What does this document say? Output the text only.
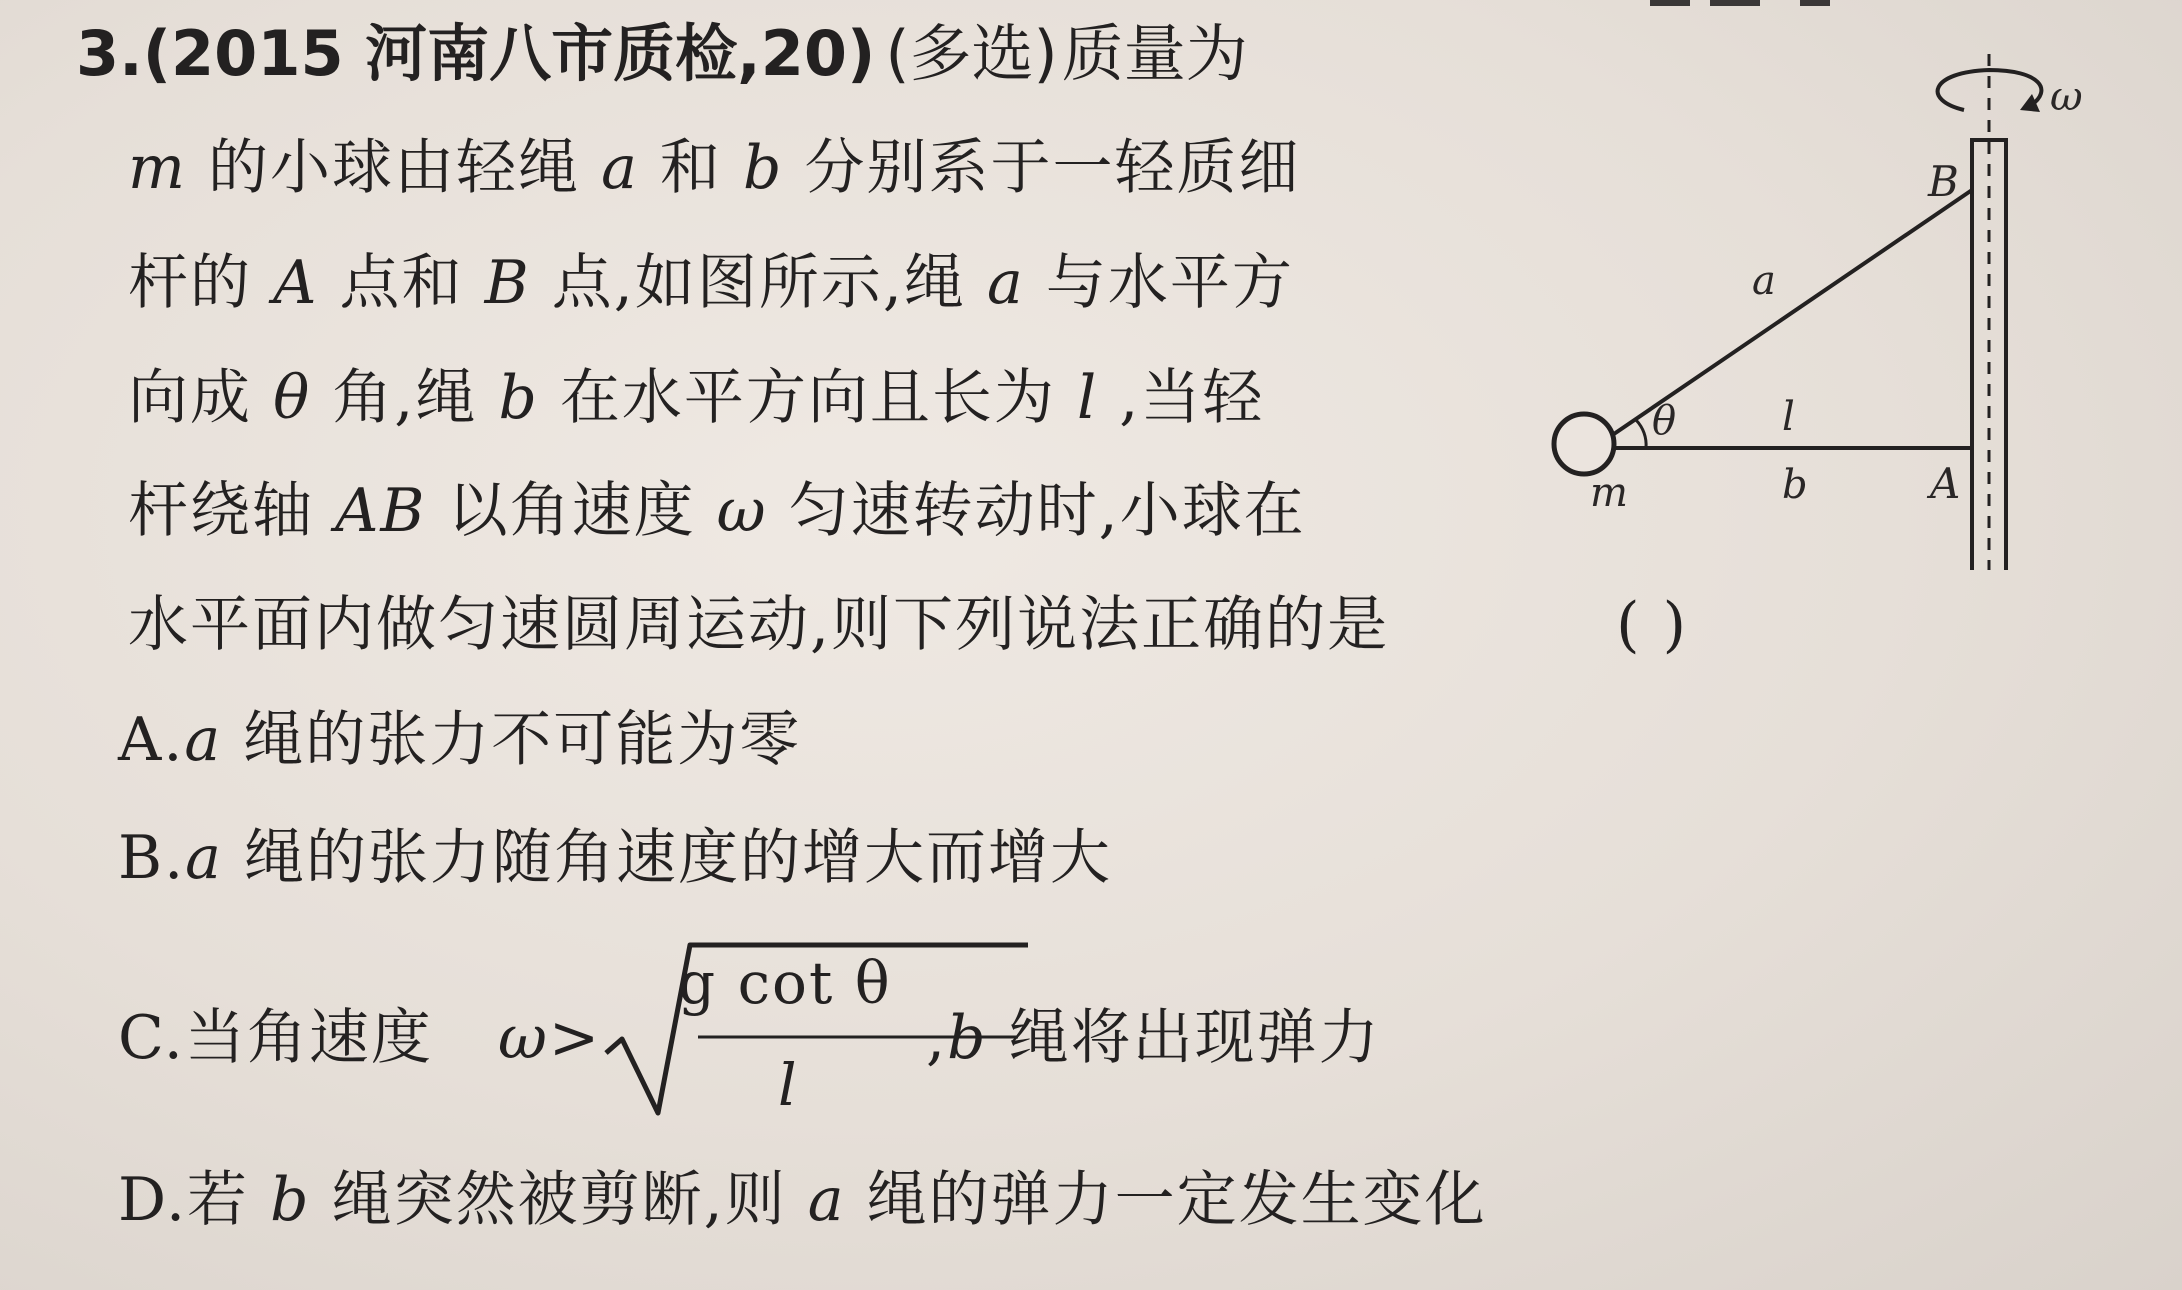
3.(2015 河南八市质检,20) (多选)质量为
m 的小球由轻绳 a 和 b 分别系于一轻质细
杆的 A 点和 B 点,如图所示,绳 a 与水平方
向成 θ 角,绳 b 在水平方向且长为 l ,当轻
杆绕轴 AB 以角速度 ω 匀速转动时,小球在
水平面内做匀速圆周运动,则下列说法正确的是	( )
A.a 绳的张力不可能为零
B.a 绳的张力随角速度的增大而增大
C.当角速度 ω>
g cot θ
l
,b 绳将出现弹力
D.若 b 绳突然被剪断,则 a 绳的弹力一定发生变化
ω
θ
B
A
a
l
b
m
